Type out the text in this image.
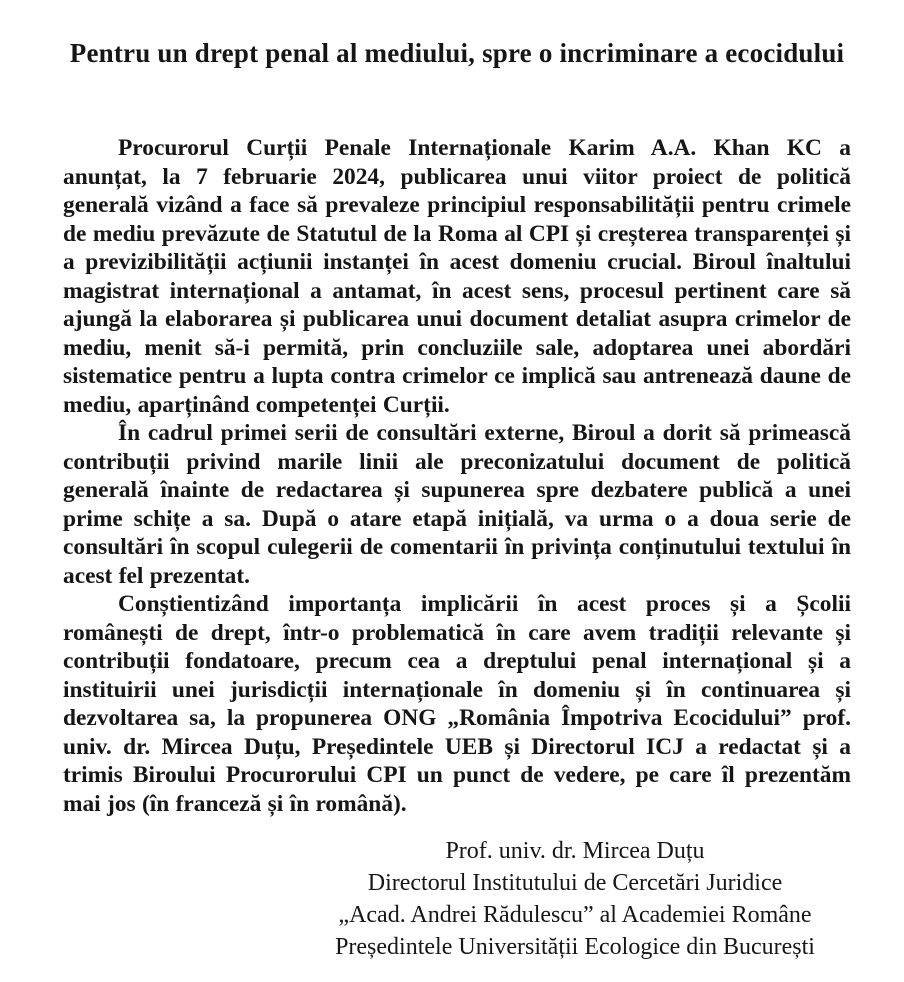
Pentru un drept penal al mediului, spre o incriminare a ecocidului

Procurorul Curții Penale Internaționale Karim A.A. Khan KC a anunțat, la 7 februarie 2024, publicarea unui viitor proiect de politică generală vizând a face să prevaleze principiul responsabilității pentru crimele de mediu prevăzute de Statutul de la Roma al CPI și creșterea transparenței și a previzibilității acțiunii instanței în acest domeniu crucial. Biroul înaltului magistrat internațional a antamat, în acest sens, procesul pertinent care să ajungă la elaborarea și publicarea unui document detaliat asupra crimelor de mediu, menit să-i permită, prin concluziile sale, adoptarea unei abordări sistematice pentru a lupta contra crimelor ce implică sau antrenează daune de mediu, aparținând competenței Curții.

În cadrul primei serii de consultări externe, Biroul a dorit să primească contribuții privind marile linii ale preconizatului document de politică generală înainte de redactarea și supunerea spre dezbatere publică a unei prime schițe a sa. După o atare etapă inițială, va urma o a doua serie de consultări în scopul culegerii de comentarii în privința conținutului textului în acest fel prezentat.

Conștientizând importanța implicării în acest proces și a Școlii românești de drept, într-o problematică în care avem tradiții relevante și contribuții fondatoare, precum cea a dreptului penal internațional și a instituirii unei jurisdicții internaționale în domeniu și în continuarea și dezvoltarea sa, la propunerea ONG „România Împotriva Ecocidului” prof. univ. dr. Mircea Duțu, Președintele UEB și Directorul ICJ a redactat și a trimis Biroului Procurorului CPI un punct de vedere, pe care îl prezentăm mai jos (în franceză și în română).

Prof. univ. dr. Mircea Duțu
Directorul Institutului de Cercetări Juridice
„Acad. Andrei Rădulescu” al Academiei Române
Președintele Universității Ecologice din București
